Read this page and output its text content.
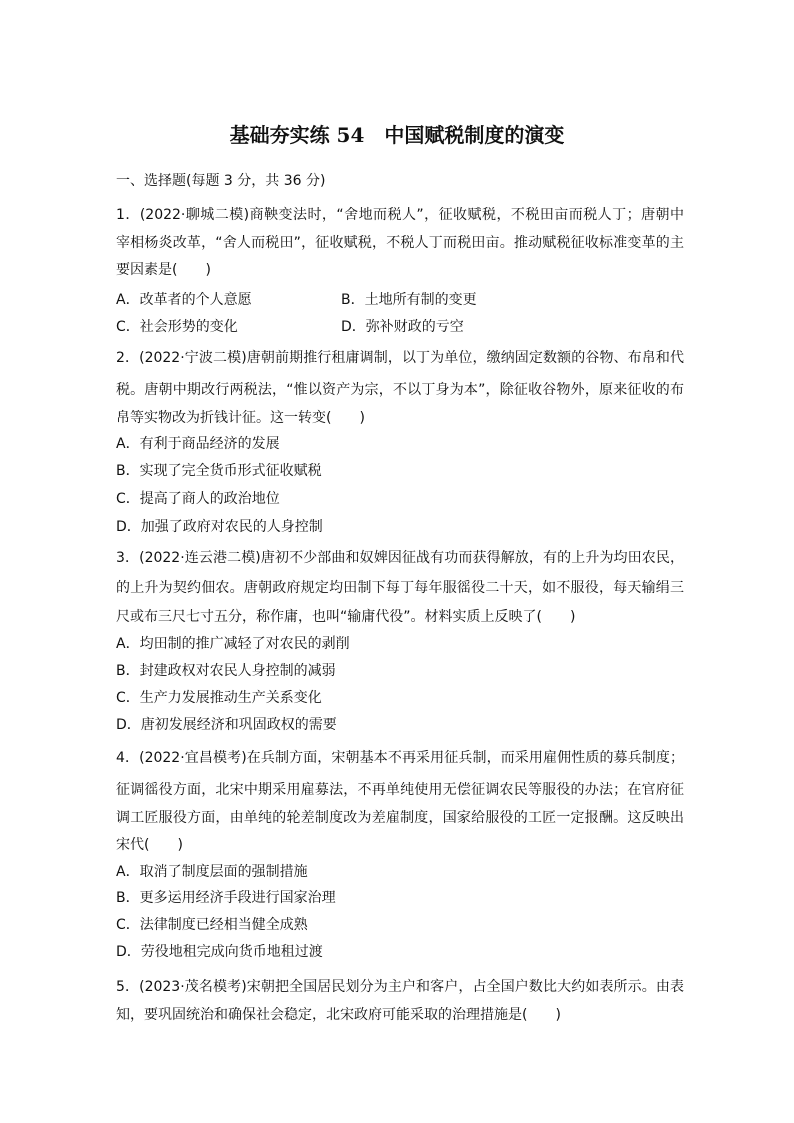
基础夯实练 54　中国赋税制度的演变
一、选择题(每题 3 分，共 36 分)
1．(2022·聊城二模)商鞅变法时，“舍地而税人”，征收赋税，不税田亩而税人丁；唐朝中
宰相杨炎改革，“舍人而税田”，征收赋税，不税人丁而税田亩。推动赋税征收标准变革的主
要因素是(　　)
A．改革者的个人意愿	B．土地所有制的变更
C．社会形势的变化	D．弥补财政的亏空
2．(2022·宁波二模)唐朝前期推行租庸调制，以丁为单位，缴纳固定数额的谷物、布帛和代
税。唐朝中期改行两税法，“惟以资产为宗，不以丁身为本”，除征收谷物外，原来征收的布
帛等实物改为折钱计征。这一转变(　　)
A．有利于商品经济的发展
B．实现了完全货币形式征收赋税
C．提高了商人的政治地位
D．加强了政府对农民的人身控制
3．(2022·连云港二模)唐初不少部曲和奴婢因征战有功而获得解放，有的上升为均田农民，
的上升为契约佃农。唐朝政府规定均田制下每丁每年服徭役二十天，如不服役，每天输绢三
尺或布三尺七寸五分，称作庸，也叫“输庸代役”。材料实质上反映了(　　)
A．均田制的推广减轻了对农民的剥削
B．封建政权对农民人身控制的减弱
C．生产力发展推动生产关系变化
D．唐初发展经济和巩固政权的需要
4．(2022·宜昌模考)在兵制方面，宋朝基本不再采用征兵制，而采用雇佣性质的募兵制度；
征调徭役方面，北宋中期采用雇募法，不再单纯使用无偿征调农民等服役的办法；在官府征
调工匠服役方面，由单纯的轮差制度改为差雇制度，国家给服役的工匠一定报酬。这反映出
宋代(　　)
A．取消了制度层面的强制措施
B．更多运用经济手段进行国家治理
C．法律制度已经相当健全成熟
D．劳役地租完成向货币地租过渡
5．(2023·茂名模考)宋朝把全国居民划分为主户和客户，占全国户数比大约如表所示。由表
知，要巩固统治和确保社会稳定，北宋政府可能采取的治理措施是(　　)
